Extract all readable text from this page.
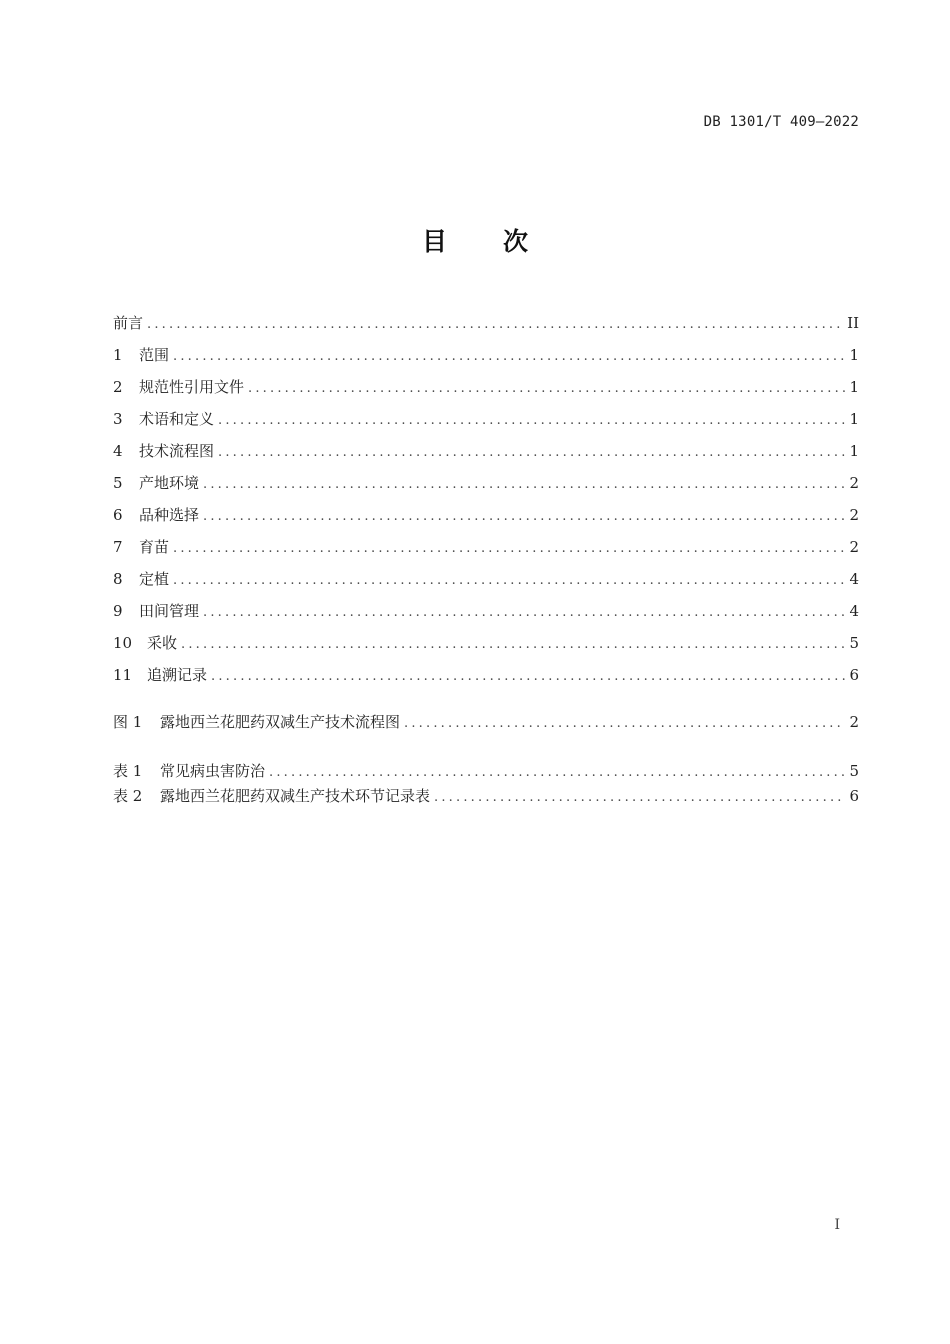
DB 1301/T 409—2022
目次
前言 .....	II
1	范围 .....	1
2	规范性引用文件 .....	1
3	术语和定义 .....	1
4	技术流程图 .....	1
5	产地环境 .....	2
6	品种选择 .....	2
7	育苗 .....	2
8	定植 .....	4
9	田间管理 .....	4
10 采收 .....	5
11 追溯记录 .....	6
图 1	露地西兰花肥药双减生产技术流程图 .....	2
表 1	常见病虫害防治 .....	5
表 2	露地西兰花肥药双减生产技术环节记录表 .....	6
I
